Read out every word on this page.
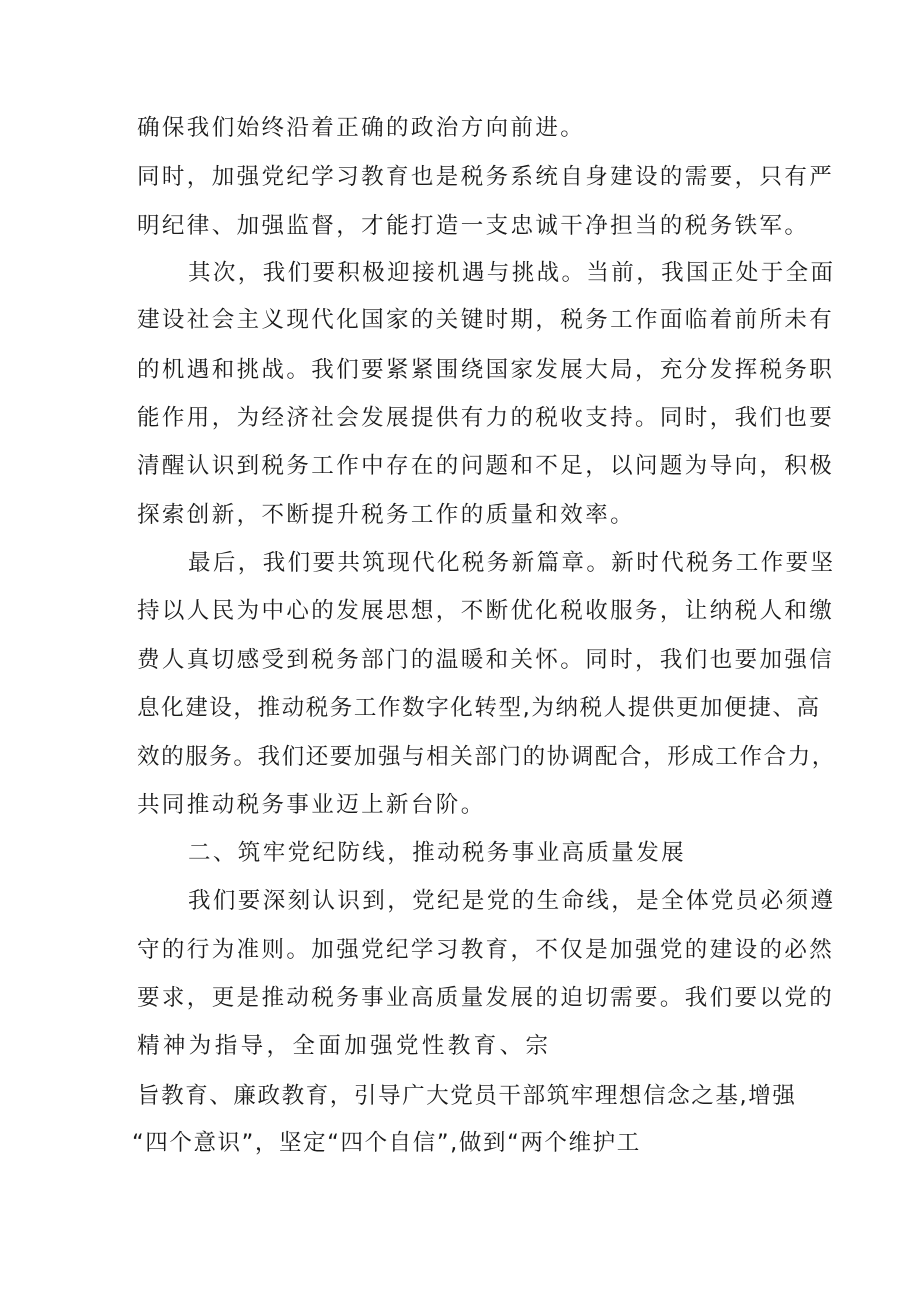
确保我们始终沿着正确的政治方向前进。
同时，加强党纪学习教育也是税务系统自身建设的需要，只有严
明纪律、加强监督，才能打造一支忠诚干净担当的税务铁军。
其次，我们要积极迎接机遇与挑战。当前，我国正处于全面
建设社会主义现代化国家的关键时期，税务工作面临着前所未有
的机遇和挑战。我们要紧紧围绕国家发展大局，充分发挥税务职
能作用，为经济社会发展提供有力的税收支持。同时，我们也要
清醒认识到税务工作中存在的问题和不足，以问题为导向，积极
探索创新，不断提升税务工作的质量和效率。
最后，我们要共筑现代化税务新篇章。新时代税务工作要坚
持以人民为中心的发展思想，不断优化税收服务，让纳税人和缴
费人真切感受到税务部门的温暖和关怀。同时，我们也要加强信
息化建设，推动税务工作数字化转型,为纳税人提供更加便捷、高
效的服务。我们还要加强与相关部门的协调配合，形成工作合力，
共同推动税务事业迈上新台阶。
二、筑牢党纪防线，推动税务事业高质量发展
我们要深刻认识到，党纪是党的生命线，是全体党员必须遵
守的行为准则。加强党纪学习教育，不仅是加强党的建设的必然
要求，更是推动税务事业高质量发展的迫切需要。我们要以党的
精神为指导，全面加强党性教育、宗
旨教育、廉政教育，引导广大党员干部筑牢理想信念之基,增强
“四个意识”，坚定“四个自信”,做到“两个维护工
